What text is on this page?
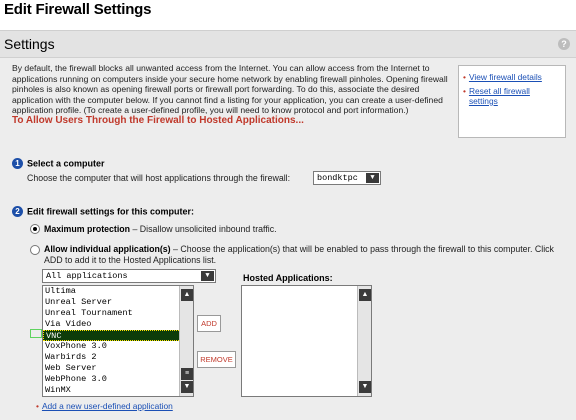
Edit Firewall Settings
Settings	?
By default, the firewall blocks all unwanted access from the Internet. You can allow access from the Internet to applications running on computers inside your secure home network by enabling firewall pinholes. Opening firewall pinholes is also known as opening firewall ports or firewall port forwarding. To do this, associate the desired application with the computer below. If you cannot find a listing for your application, you can create a user-defined application profile. (To create a user-defined profile, you will need to know protocol and port information.)
• View firewall details
• Reset all firewall settings
To Allow Users Through the Firewall to Hosted Applications...
1 Select a computer
Choose the computer that will host applications through the firewall:	bondktpc	▼
2 Edit firewall settings for this computer:
Maximum protection – Disallow unsolicited inbound traffic.
Allow individual application(s) – Choose the application(s) that will be enabled to pass through the firewall to this computer. Click ADD to add it to the Hosted Applications list.
All applications	▼
Ultima
Unreal Server
Unreal Tournament
Via Video
VNC
VoxPhone 3.0
Warbirds 2
Web Server
WebPhone 3.0
WinMX
▲
≡
▼
ADD
REMOVE
Hosted Applications:
▲
▼
• Add a new user-defined application
